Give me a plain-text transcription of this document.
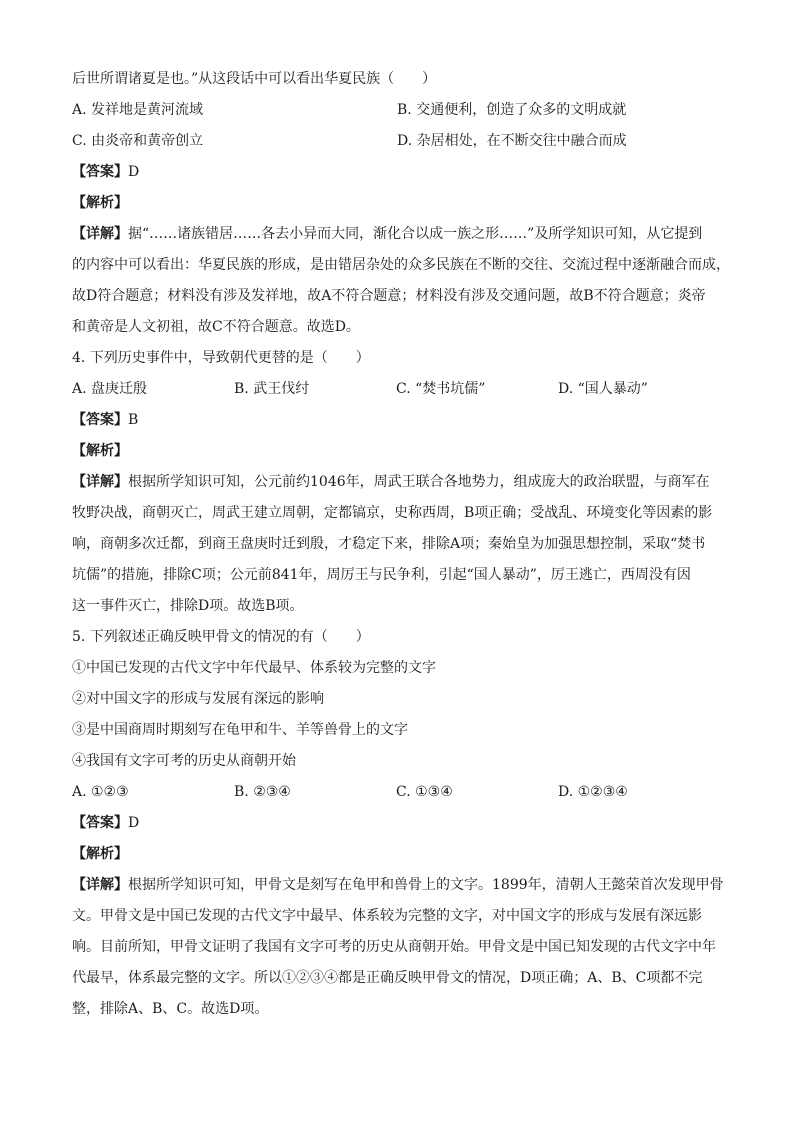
后世所谓诸夏是也。”从这段话中可以看出华夏民族（　　）
A. 发祥地是黄河流域	B. 交通便利，创造了众多的文明成就
C. 由炎帝和黄帝创立	D. 杂居相处，在不断交往中融合而成
【答案】D
【解析】
【详解】据“……诸族错居……各去小异而大同，渐化合以成一族之形……”及所学知识可知，从它提到
的内容中可以看出：华夏民族的形成，是由错居杂处的众多民族在不断的交往、交流过程中逐渐融合而成，
故D符合题意；材料没有涉及发祥地，故A不符合题意；材料没有涉及交通问题，故B不符合题意；炎帝
和黄帝是人文初祖，故C不符合题意。故选D。
4. 下列历史事件中，导致朝代更替的是（　　）
A. 盘庚迁殷	B. 武王伐纣	C. “焚书坑儒”	D. “国人暴动”
【答案】B
【解析】
【详解】根据所学知识可知，公元前约1046年，周武王联合各地势力，组成庞大的政治联盟，与商军在
牧野决战，商朝灭亡，周武王建立周朝，定都镐京，史称西周，B项正确；受战乱、环境变化等因素的影
响，商朝多次迁都，到商王盘庚时迁到殷，才稳定下来，排除A项；秦始皇为加强思想控制，采取“焚书
坑儒”的措施，排除C项；公元前841年，周厉王与民争利，引起“国人暴动”，厉王逃亡，西周没有因
这一事件灭亡，排除D项。故选B项。
5. 下列叙述正确反映甲骨文的情况的有（　　）
①中国已发现的古代文字中年代最早、体系较为完整的文字
②对中国文字的形成与发展有深远的影响
③是中国商周时期刻写在龟甲和牛、羊等兽骨上的文字
④我国有文字可考的历史从商朝开始
A. ①②③	B. ②③④	C. ①③④	D. ①②③④
【答案】D
【解析】
【详解】根据所学知识可知，甲骨文是刻写在龟甲和兽骨上的文字。1899年，清朝人王懿荣首次发现甲骨
文。甲骨文是中国已发现的古代文字中最早、体系较为完整的文字，对中国文字的形成与发展有深远影
响。目前所知，甲骨文证明了我国有文字可考的历史从商朝开始。甲骨文是中国已知发现的古代文字中年
代最早，体系最完整的文字。所以①②③④都是正确反映甲骨文的情况，D项正确；A、B、C项都不完
整，排除A、B、C。故选D项。
